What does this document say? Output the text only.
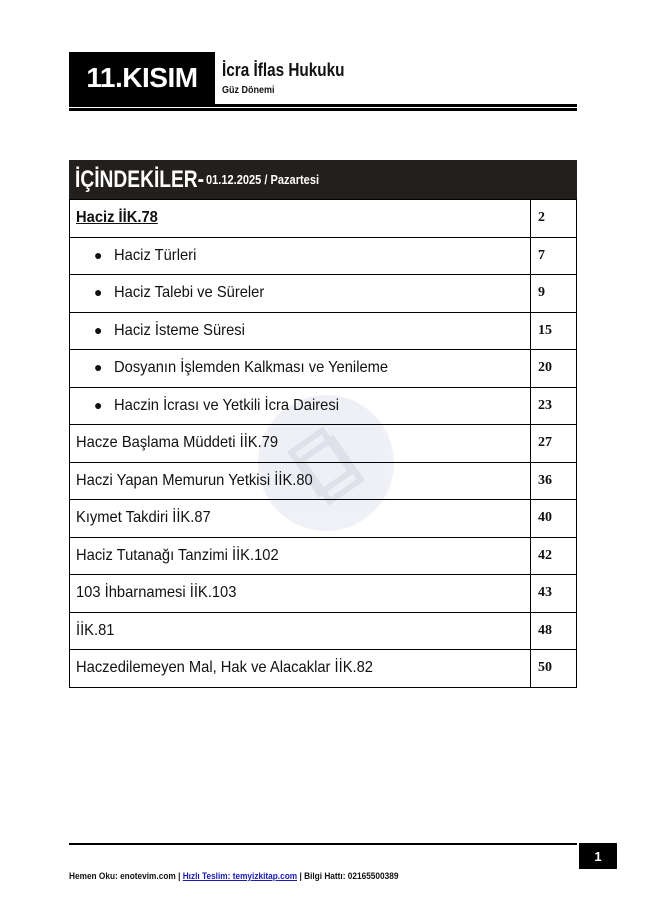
11.KISIM İcra İflas Hukuku
Güz Dönemi
İÇİNDEKİLER- 01.12.2025 / Pazartesi
Haciz İİK.78	2
● Haciz Türleri	7
● Haciz Talebi ve Süreler	9
● Haciz İsteme Süresi	15
● Dosyanın İşlemden Kalkması ve Yenileme	20
● Haczin İcrası ve Yetkili İcra Dairesi	23
Hacze Başlama Müddeti İİK.79	27
Haczi Yapan Memurun Yetkisi İİK.80	36
Kıymet Takdiri İİK.87	40
Haciz Tutanağı Tanzimi İİK.102	42
103 İhbarnamesi İİK.103	43
İİK.81	48
Haczedilemeyen Mal, Hak ve Alacaklar İİK.82	50
1
Hemen Oku: enotevim.com | Hızlı Teslim: temyizkitap.com | Bilgi Hattı: 02165500389
